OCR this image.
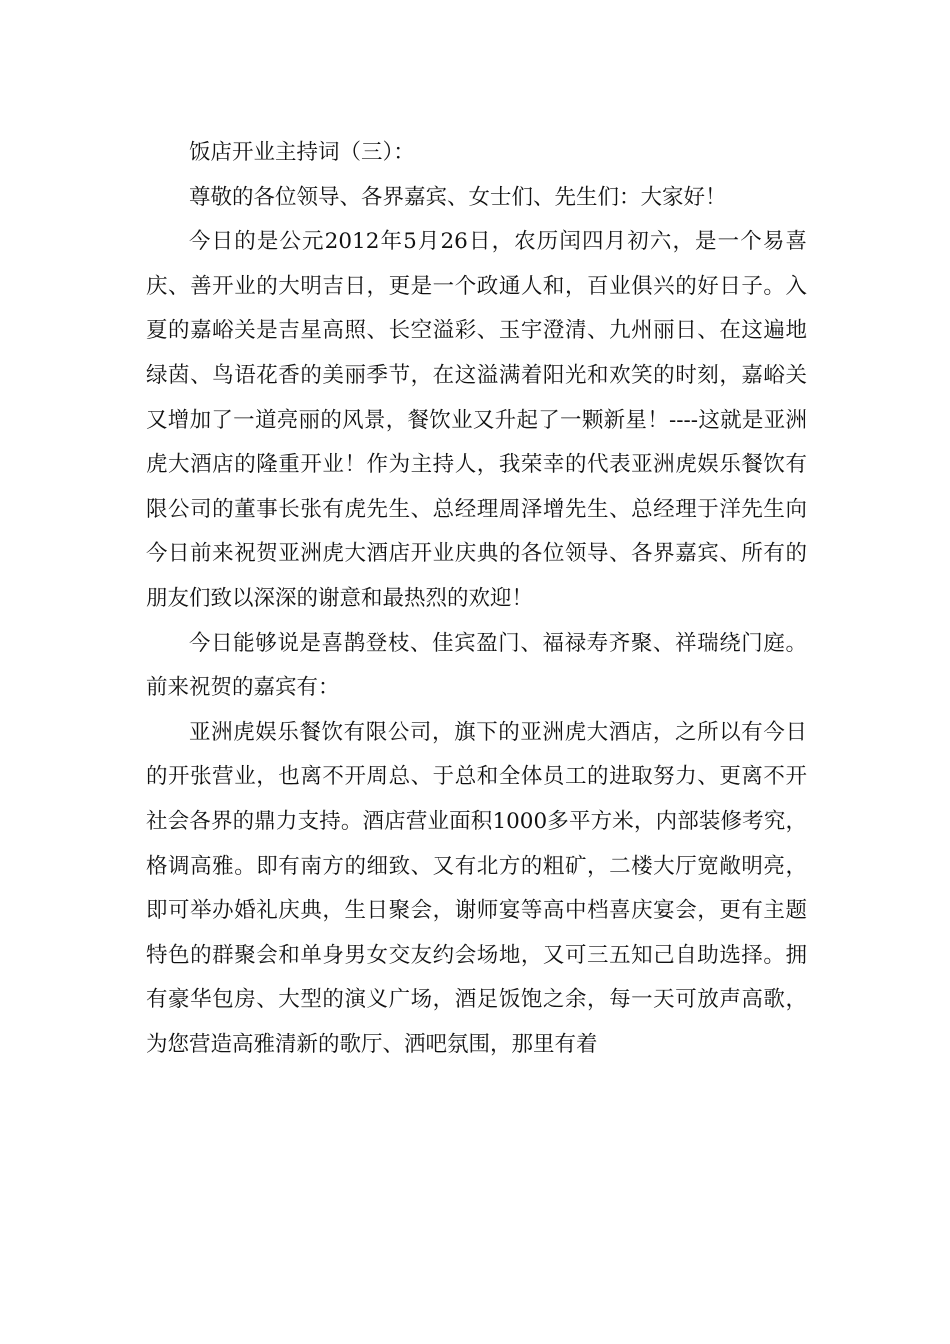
饭店开业主持词（三）：

尊敬的各位领导、各界嘉宾、女士们、先生们：大家好！

今日的是公元2012年5月26日，农历闰四月初六，是一个易喜庆、善开业的大明吉日，更是一个政通人和，百业俱兴的好日子。入夏的嘉峪关是吉星高照、长空溢彩、玉宇澄清、九州丽日、在这遍地绿茵、鸟语花香的美丽季节，在这溢满着阳光和欢笑的时刻，嘉峪关又增加了一道亮丽的风景，餐饮业又升起了一颗新星！----这就是亚洲虎大酒店的隆重开业！作为主持人，我荣幸的代表亚洲虎娱乐餐饮有限公司的董事长张有虎先生、总经理周泽增先生、总经理于洋先生向今日前来祝贺亚洲虎大酒店开业庆典的各位领导、各界嘉宾、所有的朋友们致以深深的谢意和最热烈的欢迎！

今日能够说是喜鹊登枝、佳宾盈门、福禄寿齐聚、祥瑞绕门庭。前来祝贺的嘉宾有：

亚洲虎娱乐餐饮有限公司，旗下的亚洲虎大酒店，之所以有今日的开张营业，也离不开周总、于总和全体员工的进取努力、更离不开社会各界的鼎力支持。酒店营业面积1000多平方米，内部装修考究，格调高雅。即有南方的细致、又有北方的粗矿，二楼大厅宽敞明亮，即可举办婚礼庆典，生日聚会，谢师宴等高中档喜庆宴会，更有主题特色的群聚会和单身男女交友约会场地，又可三五知己自助选择。拥有豪华包房、大型的演义广场，酒足饭饱之余，每一天可放声高歌，为您营造高雅清新的歌厅、洒吧氛围，那里有着
